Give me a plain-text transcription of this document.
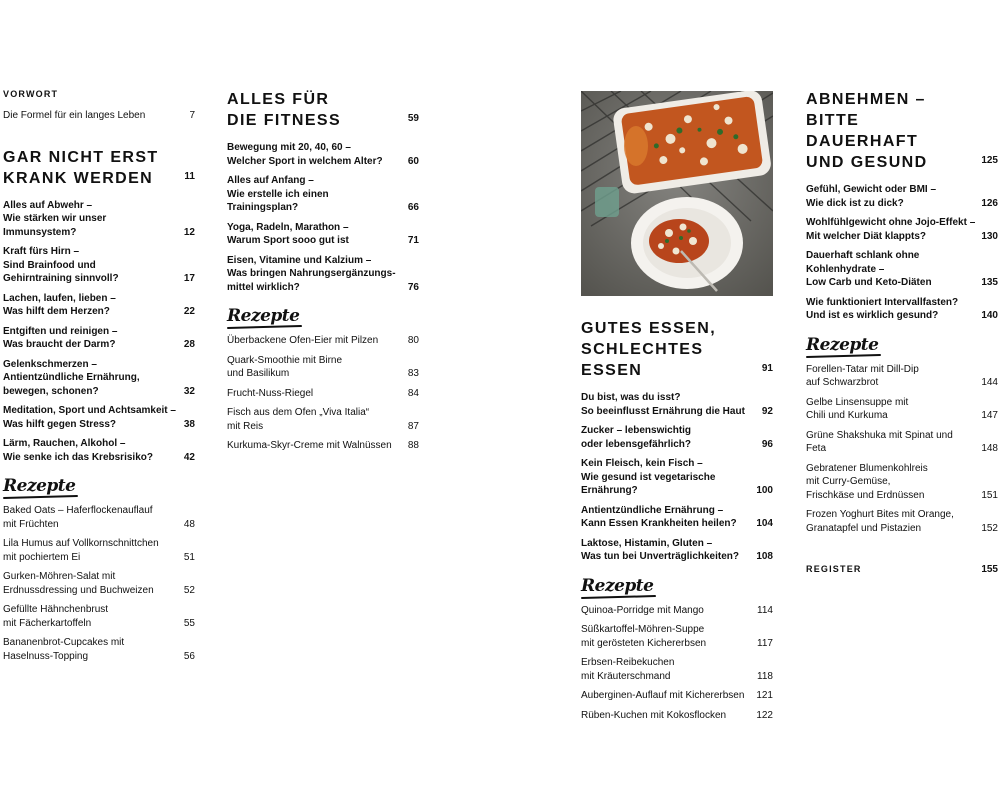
VORWORT
Die Formel für ein langes Leben	7
GAR NICHT ERST
KRANK WERDEN	11
Alles auf Abwehr –
Wie stärken wir unser Immunsystem?	12
Kraft fürs Hirn –
Sind Brainfood und
Gehirntraining sinnvoll?	17
Lachen, laufen, lieben –
Was hilft dem Herzen?	22
Entgiften und reinigen –
Was braucht der Darm?	28
Gelenkschmerzen –
Antientzündliche Ernährung,
bewegen, schonen?	32
Meditation, Sport und Achtsamkeit –
Was hilft gegen Stress?	38
Lärm, Rauchen, Alkohol –
Wie senke ich das Krebsrisiko?	42
Rezepte
Baked Oats – Haferflockenauflauf
mit Früchten	48
Lila Humus auf Vollkornschnittchen
mit pochiertem Ei	51
Gurken-Möhren-Salat mit
Erdnussdressing und Buchweizen	52
Gefüllte Hähnchenbrust
mit Fächerkartoffeln	55
Bananenbrot-Cupcakes mit
Haselnuss-Topping	56
ALLES FÜR
DIE FITNESS	59
Bewegung mit 20, 40, 60 –
Welcher Sport in welchem Alter?	60
Alles auf Anfang –
Wie erstelle ich einen Trainingsplan?	66
Yoga, Radeln, Marathon –
Warum Sport sooo gut ist	71
Eisen, Vitamine und Kalzium –
Was bringen Nahrungsergänzungs-
mittel wirklich?	76
Rezepte
Überbackene Ofen-Eier mit Pilzen	80
Quark-Smoothie mit Birne
und Basilikum	83
Frucht-Nuss-Riegel	84
Fisch aus dem Ofen „Viva Italia“
mit Reis	87
Kurkuma-Skyr-Creme mit Walnüssen	88
GUTES ESSEN,
SCHLECHTES ESSEN	91
Du bist, was du isst?
So beeinflusst Ernährung die Haut	92
Zucker – lebenswichtig
oder lebensgefährlich?	96
Kein Fleisch, kein Fisch –
Wie gesund ist vegetarische
Ernährung?	100
Antientzündliche Ernährung –
Kann Essen Krankheiten heilen?	104
Laktose, Histamin, Gluten –
Was tun bei Unverträglichkeiten?	108
Rezepte
Quinoa-Porridge mit Mango	114
Süßkartoffel-Möhren-Suppe
mit gerösteten Kichererbsen	117
Erbsen-Reibekuchen
mit Kräuterschmand	118
Auberginen-Auflauf mit Kichererbsen	121
Rüben-Kuchen mit Kokosflocken	122
ABNEHMEN –
BITTE DAUERHAFT
UND GESUND	125
Gefühl, Gewicht oder BMI –
Wie dick ist zu dick?	126
Wohlfühlgewicht ohne Jojo-Effekt –
Mit welcher Diät klappts?	130
Dauerhaft schlank ohne Kohlenhydrate –
Low Carb und Keto-Diäten	135
Wie funktioniert Intervallfasten?
Und ist es wirklich gesund?	140
Rezepte
Forellen-Tatar mit Dill-Dip
auf Schwarzbrot	144
Gelbe Linsensuppe mit
Chili und Kurkuma	147
Grüne Shakshuka mit Spinat und Feta	148
Gebratener Blumenkohlreis
mit Curry-Gemüse,
Frischkäse und Erdnüssen	151
Frozen Yoghurt Bites mit Orange,
Granatapfel und Pistazien	152
REGISTER	155
